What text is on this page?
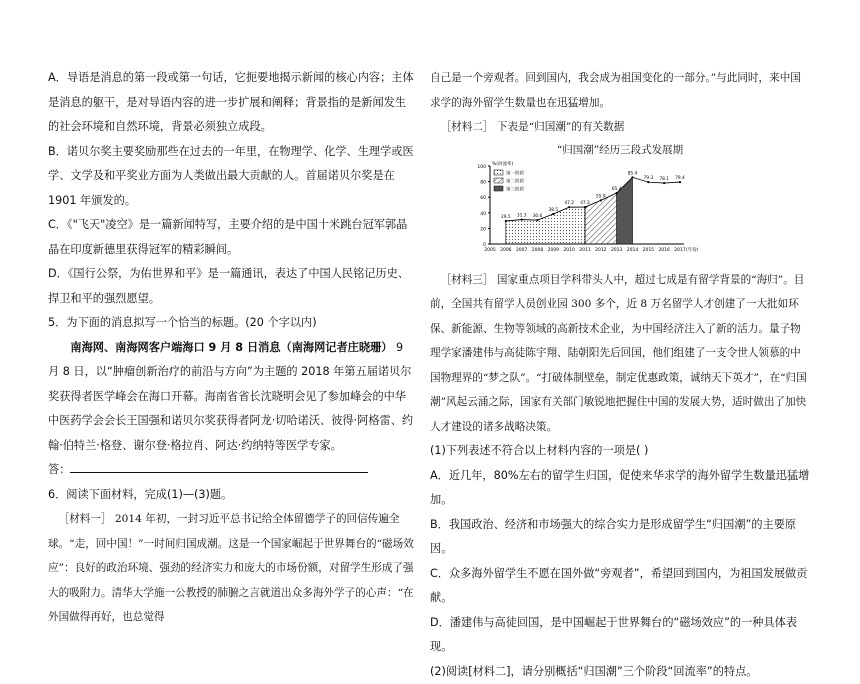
A．导语是消息的第一段或第一句话，它扼要地揭示新闻的核心内容；主体是消息的躯干，是对导语内容的进一步扩展和阐释；背景指的是新闻发生的社会环境和自然环境，背景必须独立成段。

B．诺贝尔奖主要奖励那些在过去的一年里，在物理学、化学、生理学或医学、文学及和平奖业方面为人类做出最大贡献的人。首届诺贝尔奖是在1901 年颁发的。

C．《"飞天"凌空》是一篇新闻特写，主要介绍的是中国十米跳台冠军郭晶晶在印度新德里获得冠军的精彩瞬间。

D．《国行公祭，为佑世界和平》是一篇通讯，表达了中国人民铭记历史、捍卫和平的强烈愿望。

5．为下面的消息拟写一个恰当的标题。(20 个字以内)

南海网、南海网客户端海口 9 月 8 日消息（南海网记者庄晓珊） 9 月 8 日，以“肿瘤创新治疗的前沿与方向”为主题的 2018 年第五届诺贝尔奖获得者医学峰会在海口开幕。海南省省长沈晓明会见了参加峰会的中华中医药学会会长王国强和诺贝尔奖获得者阿龙·切哈诺沃、彼得·阿格雷、约翰·伯特兰·格登、谢尔登·格拉肖、阿达·约纳特等医学专家。

答：

6．阅读下面材料，完成(1)—(3)题。

［材料一］ 2014 年初，一封习近平总书记给全体留德学子的回信传遍全球。“走，回中国！”一时间归国成潮。这是一个国家崛起于世界舞台的“磁场效应”：良好的政治环境、强劲的经济实力和庞大的市场份额，对留学生形成了强大的吸附力。清华大学施一公教授的肺腑之言就道出众多海外学子的心声：“在外国做得再好，也总觉得

自己是一个旁观者。回到国内，我会成为祖国变化的一部分。”与此同时，来中国求学的海外留学生数量也在迅猛增加。

［材料二］ 下表是“归国潮”的有关数据

“归国潮”经历三段式发展期
0
20
40
60
80
100
%(回流率)
2005 2006 2007 2008 2009 2010 2011 2012 2013 2014 2015 2016 2017 (年份)
29.5 31.3 30.6
38.5
47.2 47.3
55.9
65.4
85.4
79.3 78.1 79.4
第一阶段
第二阶段
第三阶段

［材料三］ 国家重点项目学科带头人中，超过七成是有留学背景的“海归”。目前，全国共有留学人员创业园 300 多个，近 8 万名留学人才创建了一大批如环保、新能源、生物等领域的高新技术企业，为中国经济注入了新的活力。量子物理学家潘建伟与高徒陈宇翔、陆朝阳先后回国，他们组建了一支令世人领慕的中国物理界的“梦之队”。“打破体制壁垒，制定优惠政策，诚纳天下英才”，在“归国潮”风起云涌之际，国家有关部门敏锐地把握住中国的发展大势，适时做出了加快人才建设的诸多战略决策。

(1)下列表述不符合以上材料内容的一项是( )

A．近几年，80%左右的留学生归国，促使来华求学的海外留学生数量迅猛增加。

B．我国政治、经济和市场强大的综合实力是形成留学生“归国潮”的主要原因。

C．众多海外留学生不愿在国外做“旁观者”，希望回到国内，为祖国发展做贡献。

D．潘建伟与高徒回国，是中国崛起于世界舞台的“磁场效应”的一种具体表现。

(2)阅读[材料二]，请分别概括“归国潮”三个阶段“回流率”的特点。
